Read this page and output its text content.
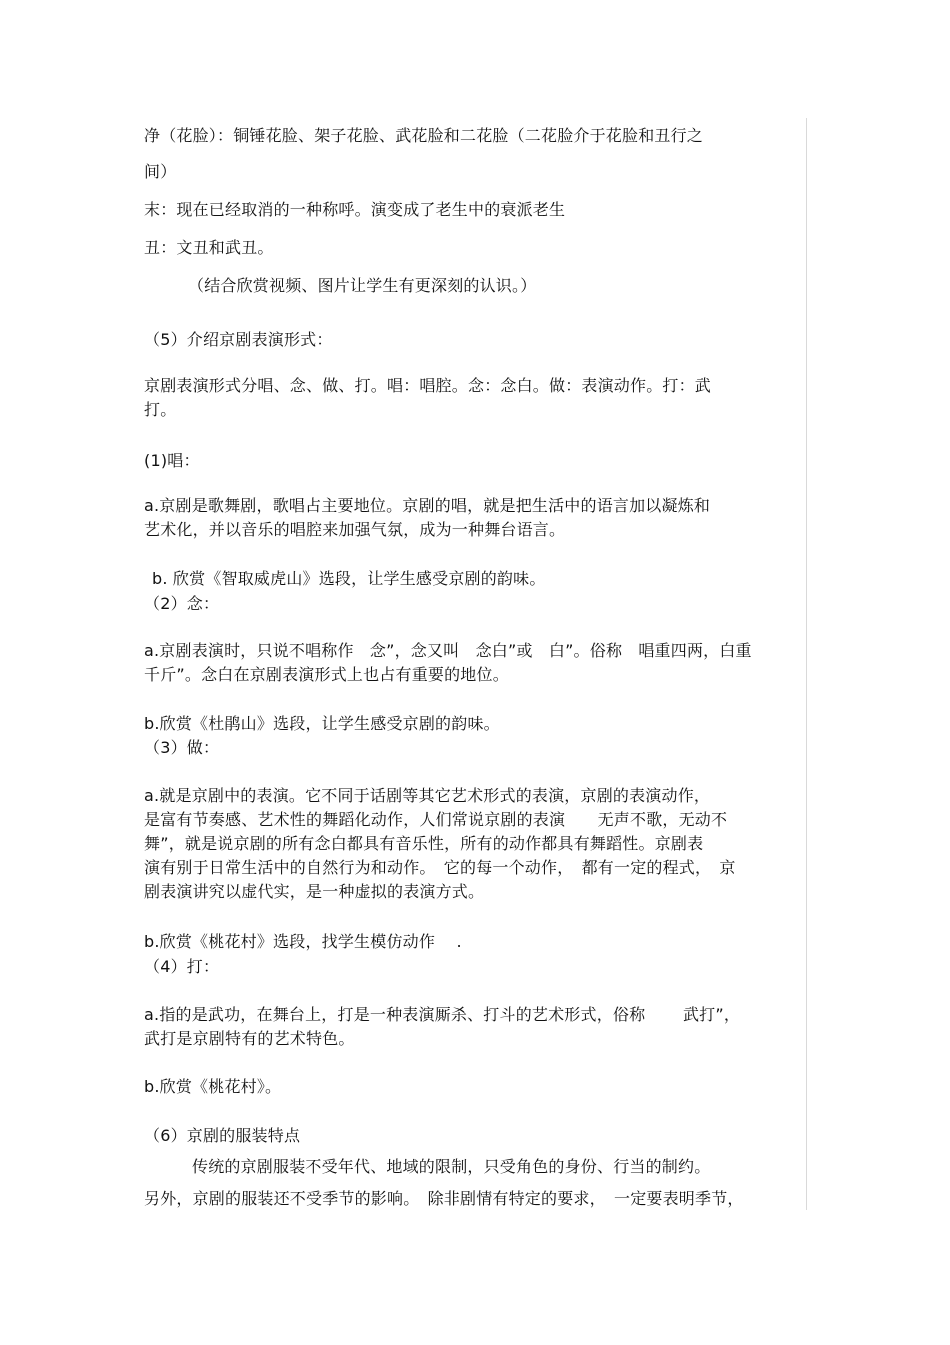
净（花脸）：铜锤花脸、架子花脸、武花脸和二花脸（二花脸介于花脸和丑行之
间）
末：现在已经取消的一种称呼。演变成了老生中的衰派老生
丑：文丑和武丑。
（结合欣赏视频、图片让学生有更深刻的认识。）
（5）介绍京剧表演形式：
京剧表演形式分唱、念、做、打。唱：唱腔。念：念白。做：表演动作。打：武
打。
(1)唱：
a.京剧是歌舞剧，歌唱占主要地位。京剧的唱，就是把生活中的语言加以凝炼和
艺术化，并以音乐的唱腔来加强气氛，成为一种舞台语言。
b. 欣赏《智取威虎山》选段，让学生感受京剧的韵味。
（2）念：
a.京剧表演时，只说不唱称作　念”，念又叫　念白”或　白”。俗称　唱重四两，白重
千斤”。念白在京剧表演形式上也占有重要的地位。
b.欣赏《杜鹃山》选段，让学生感受京剧的韵味。
（3）做：
a.就是京剧中的表演。它不同于话剧等其它艺术形式的表演，京剧的表演动作，
是富有节奏感、艺术性的舞蹈化动作，人们常说京剧的表演　　无声不歌，无动不
舞”，就是说京剧的所有念白都具有音乐性，所有的动作都具有舞蹈性。京剧表
演有别于日常生活中的自然行为和动作。　它的每一个动作，　都有一定的程式，　京
剧表演讲究以虚代实，是一种虚拟的表演方式。
b.欣赏《桃花村》选段，找学生模仿动作　 .
（4）打：
a.指的是武功，在舞台上，打是一种表演厮杀、打斗的艺术形式，俗称　　 武打”，
武打是京剧特有的艺术特色。
b.欣赏《桃花村》。
（6）京剧的服装特点
传统的京剧服装不受年代、地域的限制，只受角色的身份、行当的制约。
另外，京剧的服装还不受季节的影响。　除非剧情有特定的要求，　一定要表明季节，
